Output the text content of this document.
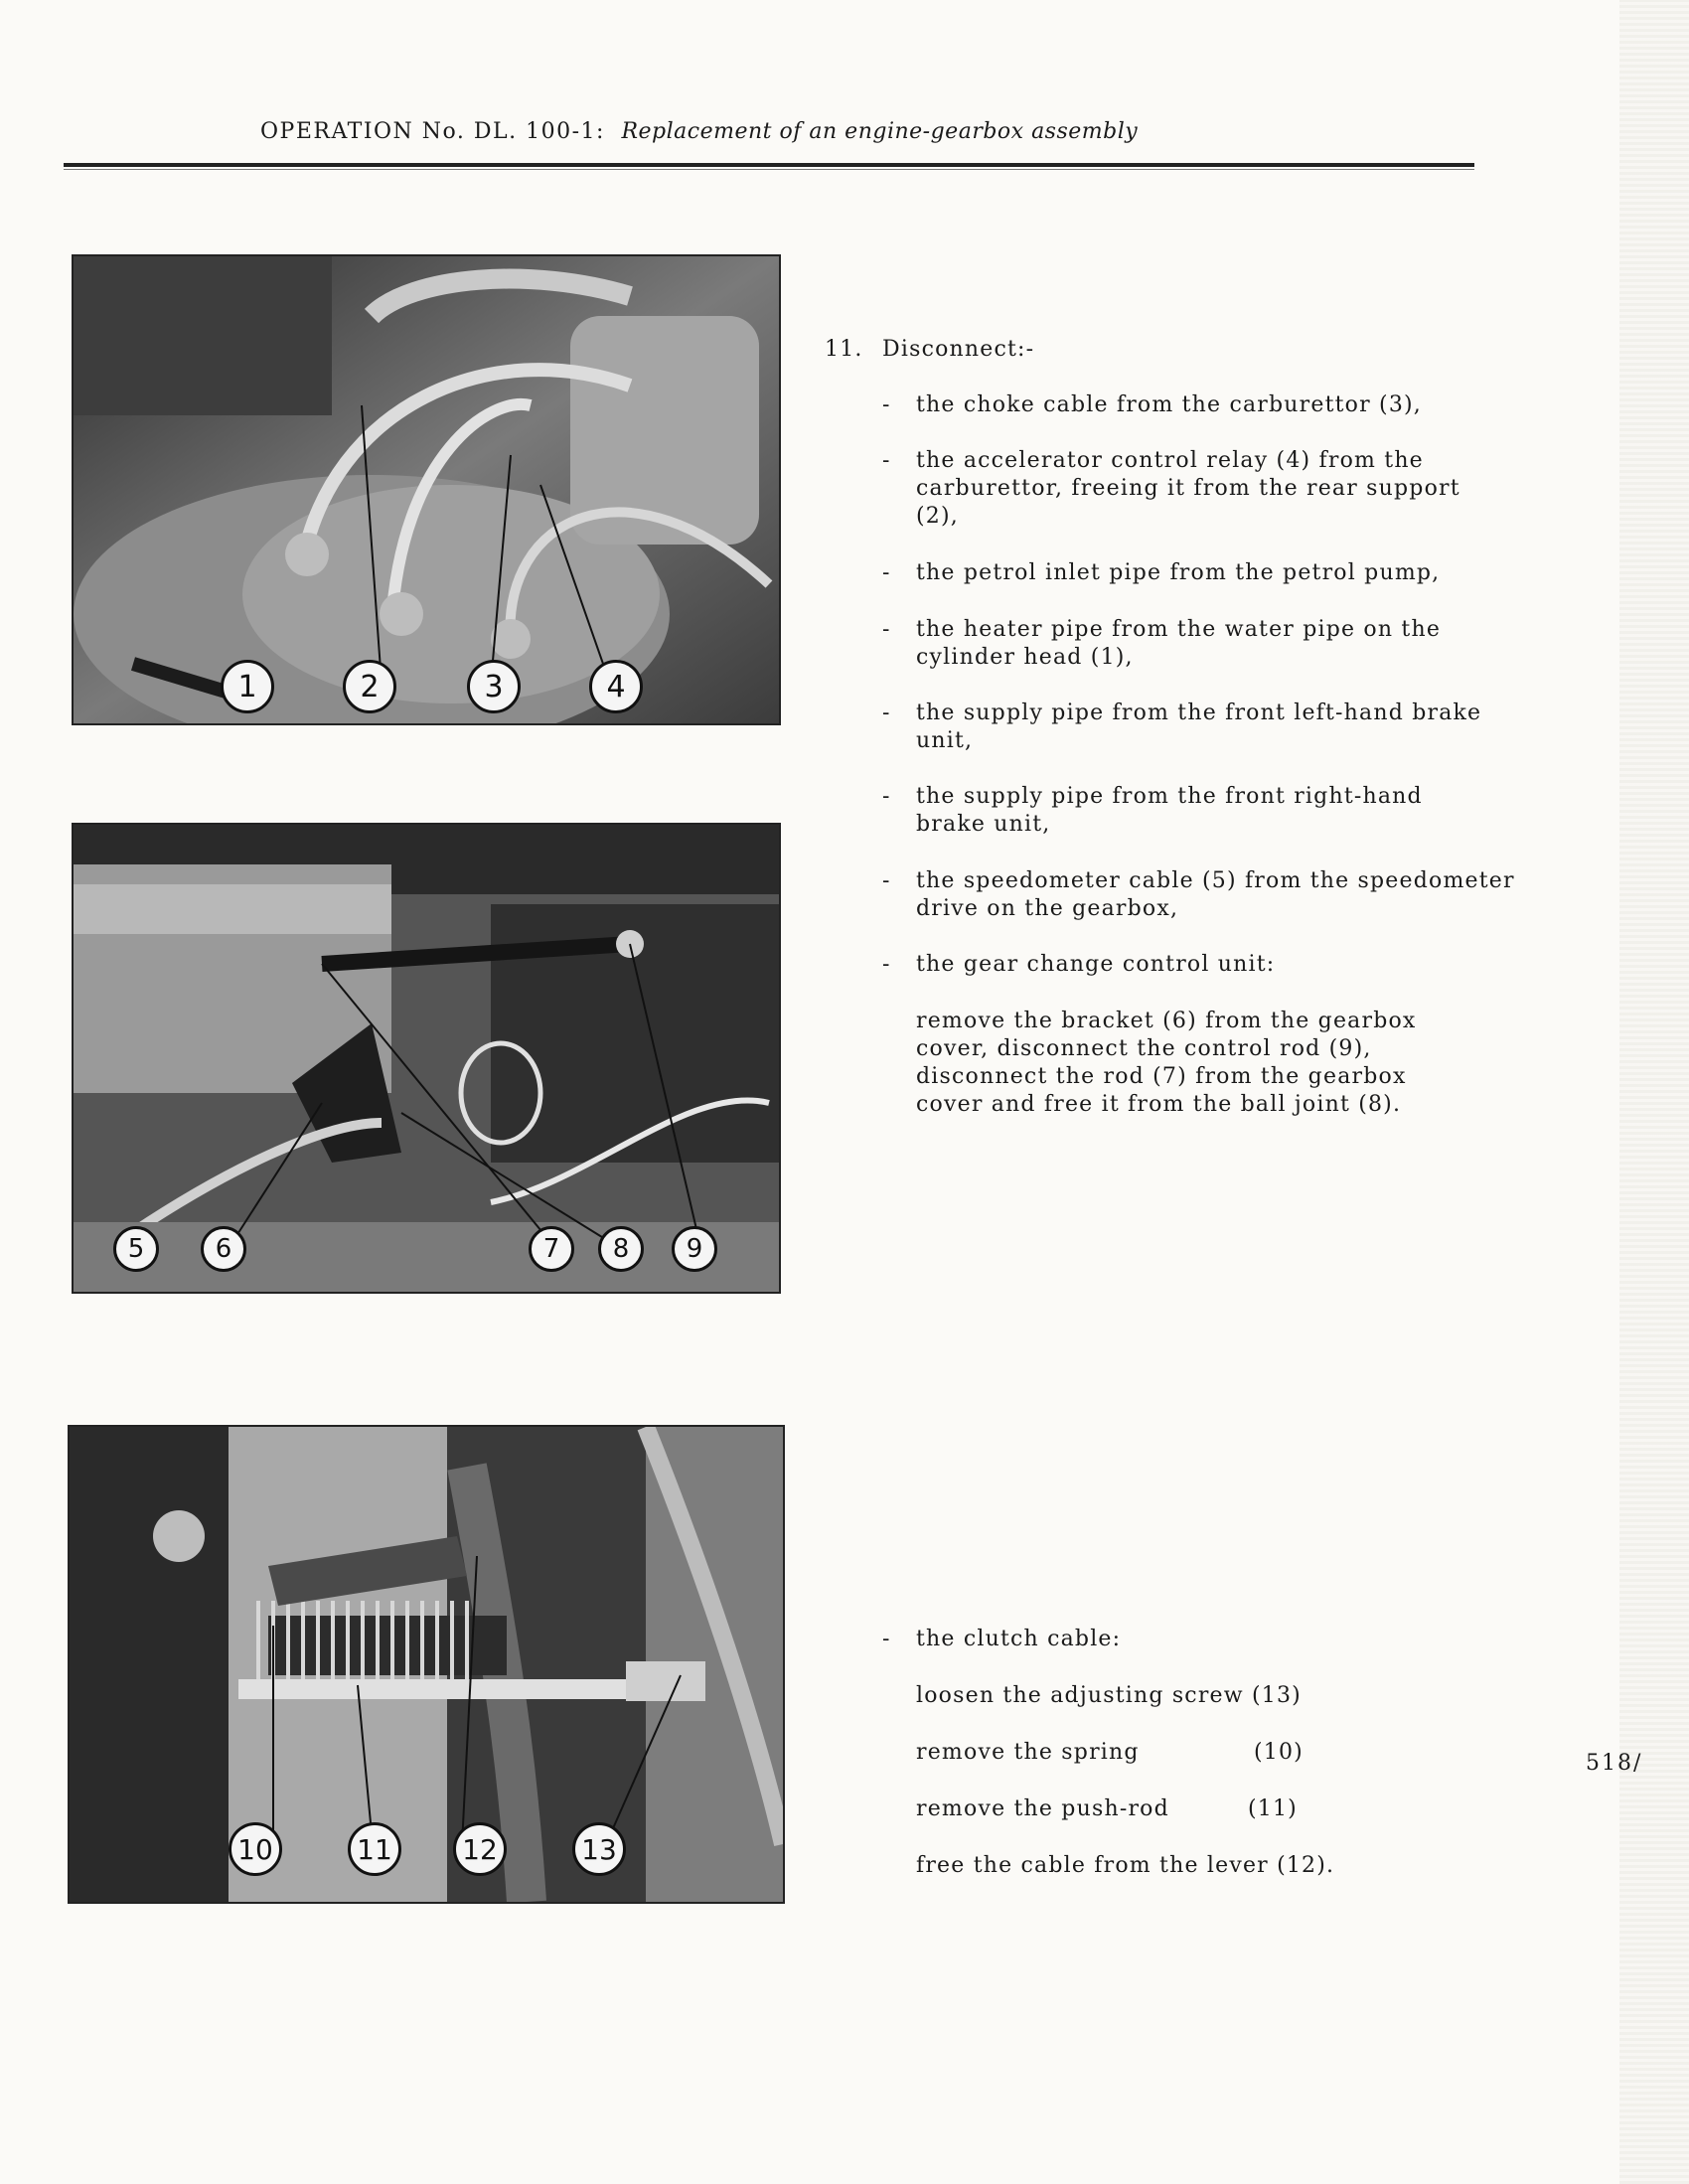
OPERATION No. DL. 100-1: Replacement of an engine-gearbox assembly
1	2	3	4
5	6	7	8	9
10	11	12	13
11. Disconnect:-
- the choke cable from the carburettor (3),
- the accelerator control relay (4) from the carburettor, freeing it from the rear support (2),
- the petrol inlet pipe from the petrol pump,
- the heater pipe from the water pipe on the cylinder head (1),
- the supply pipe from the front left-hand brake unit,
- the supply pipe from the front right-hand brake unit,
- the speedometer cable (5) from the speedometer drive on the gearbox,
- the gear change control unit:
remove the bracket (6) from the gearbox cover, disconnect the control rod (9), disconnect the rod (7) from the gearbox cover and free it from the ball joint (8).
- the clutch cable:
loosen the adjusting screw (13)
remove the spring	(10)
remove the push-rod	(11)
free the cable from the lever (12).
518/
